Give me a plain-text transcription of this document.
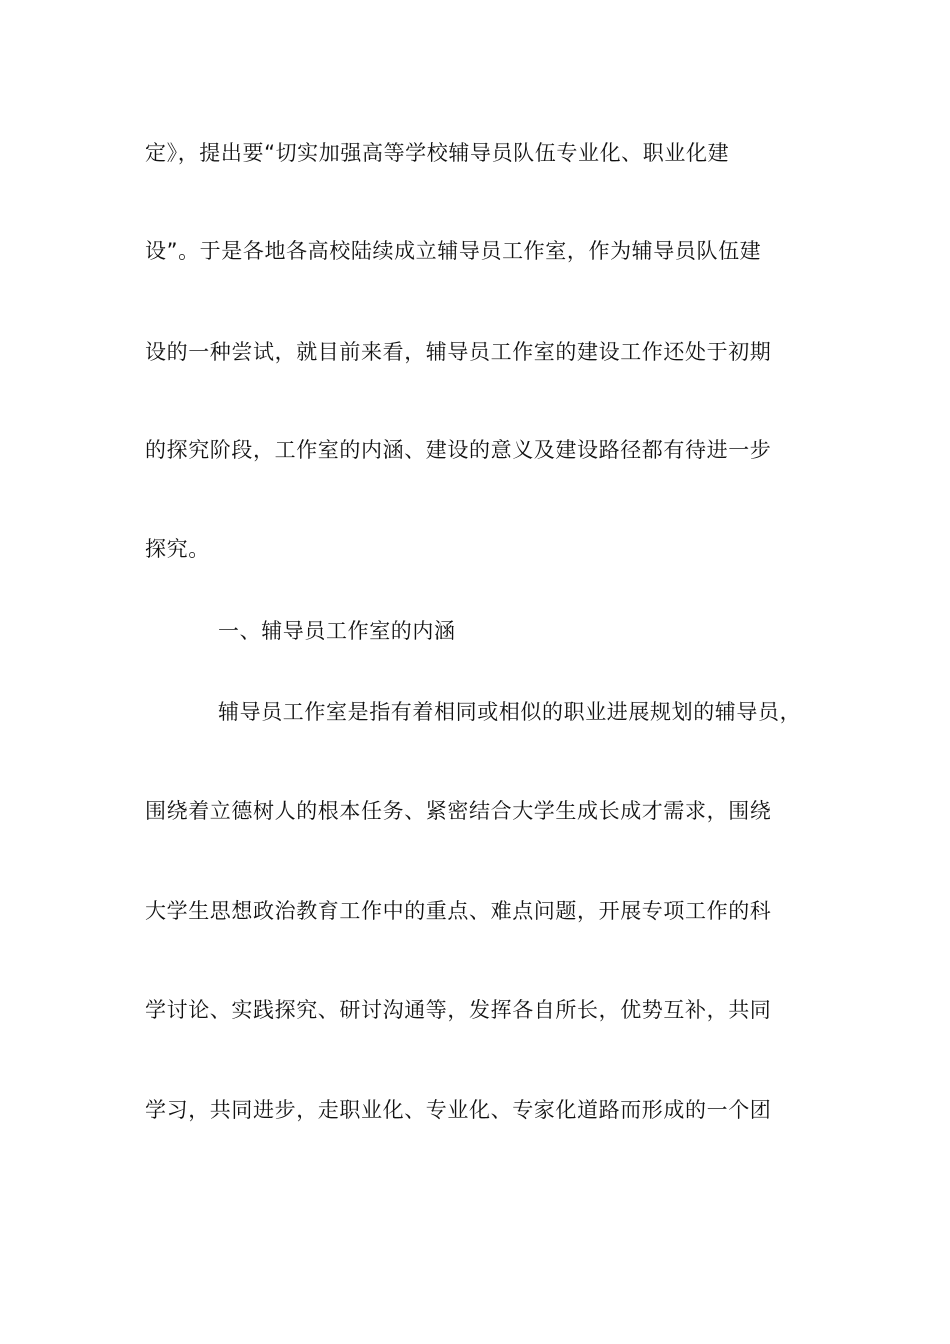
定》，提出要“切实加强高等学校辅导员队伍专业化、职业化建
设”。于是各地各高校陆续成立辅导员工作室，作为辅导员队伍建
设的一种尝试，就目前来看，辅导员工作室的建设工作还处于初期
的探究阶段，工作室的内涵、建设的意义及建设路径都有待进一步
探究。
一、辅导员工作室的内涵
辅导员工作室是指有着相同或相似的职业进展规划的辅导员，
围绕着立德树人的根本任务、紧密结合大学生成长成才需求，围绕
大学生思想政治教育工作中的重点、难点问题，开展专项工作的科
学讨论、实践探究、研讨沟通等，发挥各自所长，优势互补，共同
学习，共同进步，走职业化、专业化、专家化道路而形成的一个团
